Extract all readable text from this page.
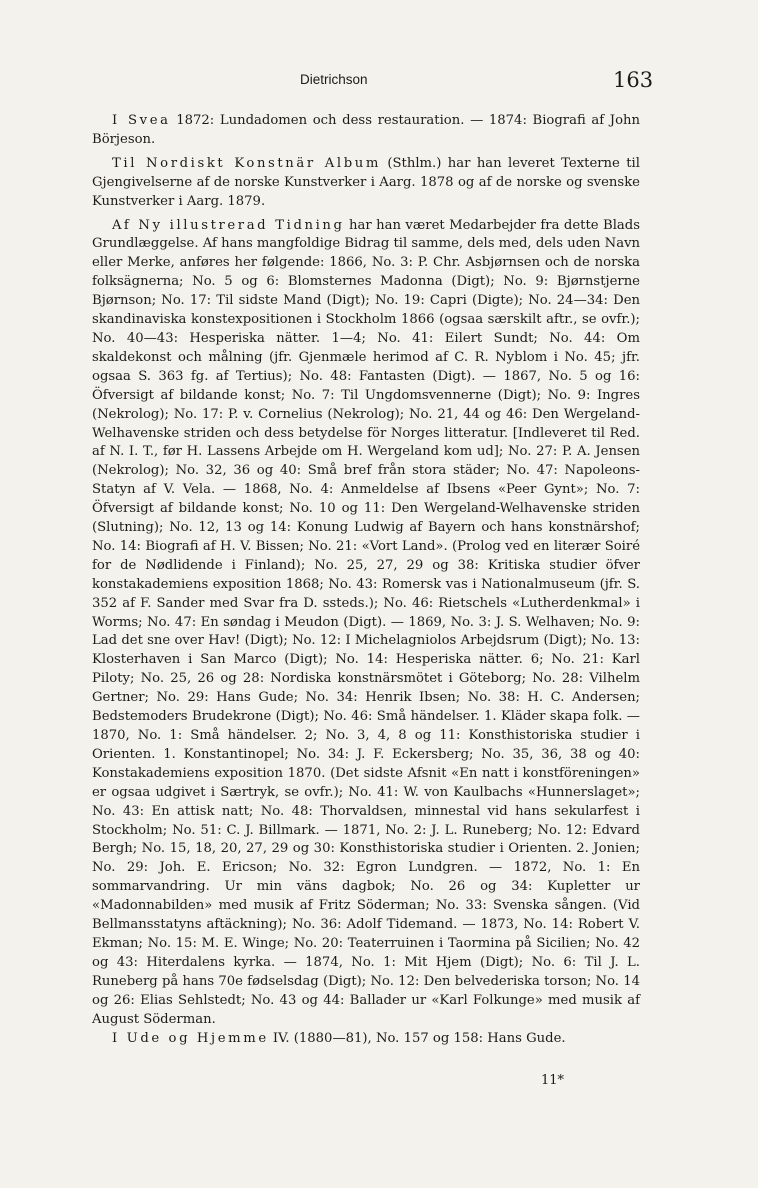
Dietrichson	163

I Svea 1872: Lundadomen och dess restauration. — 1874: Biografi af John Börjeson.

Til Nordiskt Konstnär Album (Sthlm.) har han leveret Texterne til Gjengivelserne af de norske Kunstverker i Aarg. 1878 og af de norske og svenske Kunstverker i Aarg. 1879.

Af Ny illustrerad Tidning har han været Medarbejder fra dette Blads Grundlæggelse. Af hans mangfoldige Bidrag til samme, dels med, dels uden Navn eller Merke, anføres her følgende: 1866, No. 3: P. Chr. Asbjørnsen och de norska folksägnerna; No. 5 og 6: Blomsternes Madonna (Digt); No. 9: Bjørnstjerne Bjørnson; No. 17: Til sidste Mand (Digt); No. 19: Capri (Digte); No. 24—34: Den skandinaviska konstexpositionen i Stockholm 1866 (ogsaa særskilt aftr., se ovfr.); No. 40—43: Hesperiska nätter. 1—4; No. 41: Eilert Sundt; No. 44: Om skaldekonst och målning (jfr. Gjenmæle herimod af C. R. Nyblom i No. 45; jfr. ogsaa S. 363 fg. af Tertius); No. 48: Fantasten (Digt). — 1867, No. 5 og 16: Öfversigt af bildande konst; No. 7: Til Ungdomsvennerne (Digt); No. 9: Ingres (Nekrolog); No. 17: P. v. Cornelius (Nekrolog); No. 21, 44 og 46: Den Wergeland-Welhavenske striden och dess betydelse för Norges litteratur. [Indleveret til Red. af N. I. T., før H. Lassens Arbejde om H. Wergeland kom ud]; No. 27: P. A. Jensen (Nekrolog); No. 32, 36 og 40: Små bref från stora städer; No. 47: Napoleons-Statyn af V. Vela. — 1868, No. 4: Anmeldelse af Ibsens «Peer Gynt»; No. 7: Öfversigt af bildande konst; No. 10 og 11: Den Wergeland-Welhavenske striden (Slutning); No. 12, 13 og 14: Konung Ludwig af Bayern och hans konstnärshof; No. 14: Biografi af H. V. Bissen; No. 21: «Vort Land». (Prolog ved en literær Soiré for de Nødlidende i Finland); No. 25, 27, 29 og 38: Kritiska studier öfver konstakademiens exposition 1868; No. 43: Romersk vas i Nationalmuseum (jfr. S. 352 af F. Sander med Svar fra D. ssteds.); No. 46: Rietschels «Lutherdenkmal» i Worms; No. 47: En søndag i Meudon (Digt). — 1869, No. 3: J. S. Welhaven; No. 9: Lad det sne over Hav! (Digt); No. 12: I Michelagniolos Arbejdsrum (Digt); No. 13: Klosterhaven i San Marco (Digt); No. 14: Hesperiska nätter. 6; No. 21: Karl Piloty; No. 25, 26 og 28: Nordiska konstnärsmötet i Göteborg; No. 28: Vilhelm Gertner; No. 29: Hans Gude; No. 34: Henrik Ibsen; No. 38: H. C. Andersen; Bedstemoders Brudekrone (Digt); No. 46: Små händelser. 1. Kläder skapa folk. — 1870, No. 1: Små händelser. 2; No. 3, 4, 8 og 11: Konsthistoriska studier i Orienten. 1. Konstantinopel; No. 34: J. F. Eckersberg; No. 35, 36, 38 og 40: Konstakademiens exposition 1870. (Det sidste Afsnit «En natt i konstföreningen» er ogsaa udgivet i Særtryk, se ovfr.); No. 41: W. von Kaulbachs «Hunnerslaget»; No. 43: En attisk natt; No. 48: Thorvaldsen, minnestal vid hans sekularfest i Stockholm; No. 51: C. J. Billmark. — 1871, No. 2: J. L. Runeberg; No. 12: Edvard Bergh; No. 15, 18, 20, 27, 29 og 30: Konsthistoriska studier i Orienten. 2. Jonien; No. 29: Joh. E. Ericson; No. 32: Egron Lundgren. — 1872, No. 1: En sommarvandring. Ur min väns dagbok; No. 26 og 34: Kupletter ur «Madonnabilden» med musik af Fritz Söderman; No. 33: Svenska sången. (Vid Bellmansstatyns aftäckning); No. 36: Adolf Tidemand. — 1873, No. 14: Robert V. Ekman; No. 15: M. E. Winge; No. 20: Teaterruinen i Taormina på Sicilien; No. 42 og 43: Hiterdalens kyrka. — 1874, No. 1: Mit Hjem (Digt); No. 6: Til J. L. Runeberg på hans 70e fødselsdag (Digt); No. 12: Den belvederiska torson; No. 14 og 26: Elias Sehlstedt; No. 43 og 44: Ballader ur «Karl Folkunge» med musik af August Söderman.

I Ude og Hjemme IV. (1880—81), No. 157 og 158: Hans Gude.

11*
